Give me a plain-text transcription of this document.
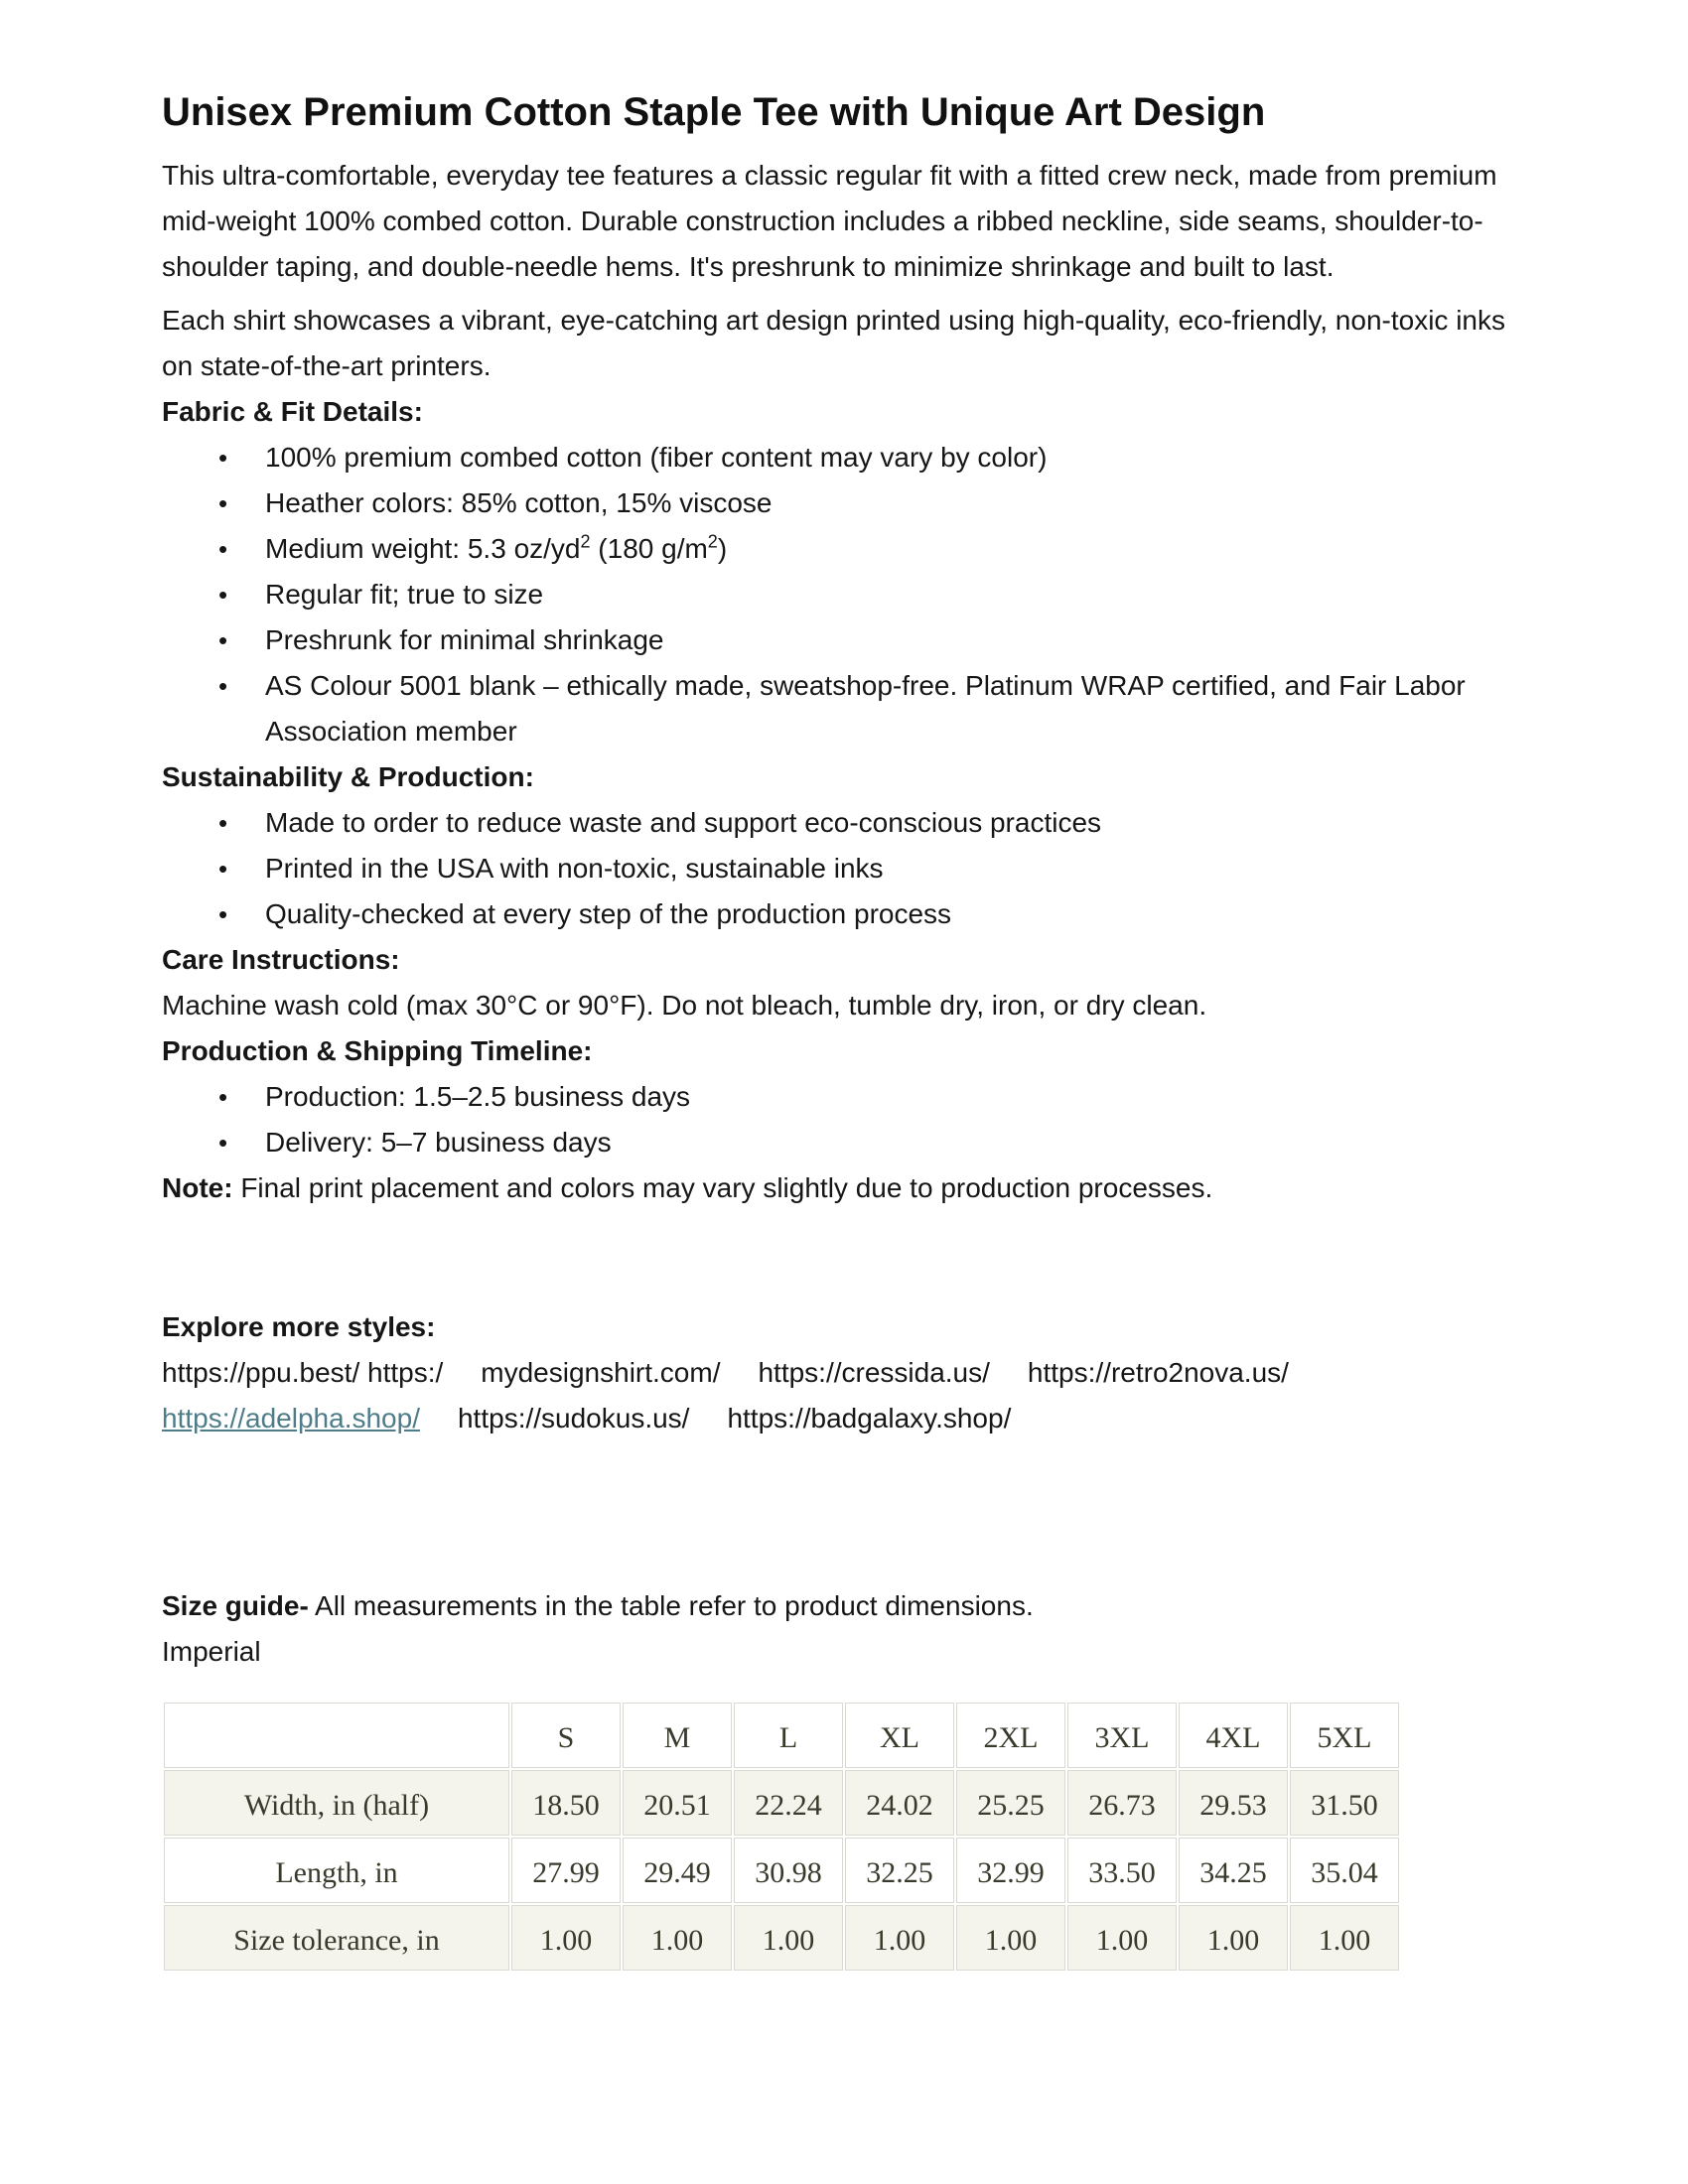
Unisex Premium Cotton Staple Tee with Unique Art Design

This ultra-comfortable, everyday tee features a classic regular fit with a fitted crew neck, made from premium mid-weight 100% combed cotton. Durable construction includes a ribbed neckline, side seams, shoulder-to-shoulder taping, and double-needle hems. It's preshrunk to minimize shrinkage and built to last.

Each shirt showcases a vibrant, eye-catching art design printed using high-quality, eco-friendly, non-toxic inks on state-of-the-art printers.

Fabric & Fit Details:

•	100% premium combed cotton (fiber content may vary by color)
•	Heather colors: 85% cotton, 15% viscose
•	Medium weight: 5.3 $oz/yd^2$ (180 $g/m^2$)
•	Regular fit; true to size
•	Preshrunk for minimal shrinkage
•	AS Colour 5001 blank – ethically made, sweatshop-free. Platinum WRAP certified, and Fair Labor Association member

Sustainability & Production:

•	Made to order to reduce waste and support eco-conscious practices
•	Printed in the USA with non-toxic, sustainable inks
•	Quality-checked at every step of the production process

Care Instructions:

Machine wash cold (max 30°C or 90°F). Do not bleach, tumble dry, iron, or dry clean.

Production & Shipping Timeline:

•	Production: 1.5–2.5 business days
•	Delivery: 5–7 business days

Note: Final print placement and colors may vary slightly due to production processes.

Explore more styles:

https://ppu.best/ https:/ mydesignshirt.com/ https://cressida.us/ https://retro2nova.us/

https://adelpha.shop/ https://sudokus.us/ https://badgalaxy.shop/

Size guide- All measurements in the table refer to product dimensions.

Imperial

	S	M	L	XL	2XL	3XL	4XL	5XL
Width, in (half)	18.50	20.51	22.24	24.02	25.25	26.73	29.53	31.50
Length, in	27.99	29.49	30.98	32.25	32.99	33.50	34.25	35.04
Size tolerance, in	1.00	1.00	1.00	1.00	1.00	1.00	1.00	1.00
